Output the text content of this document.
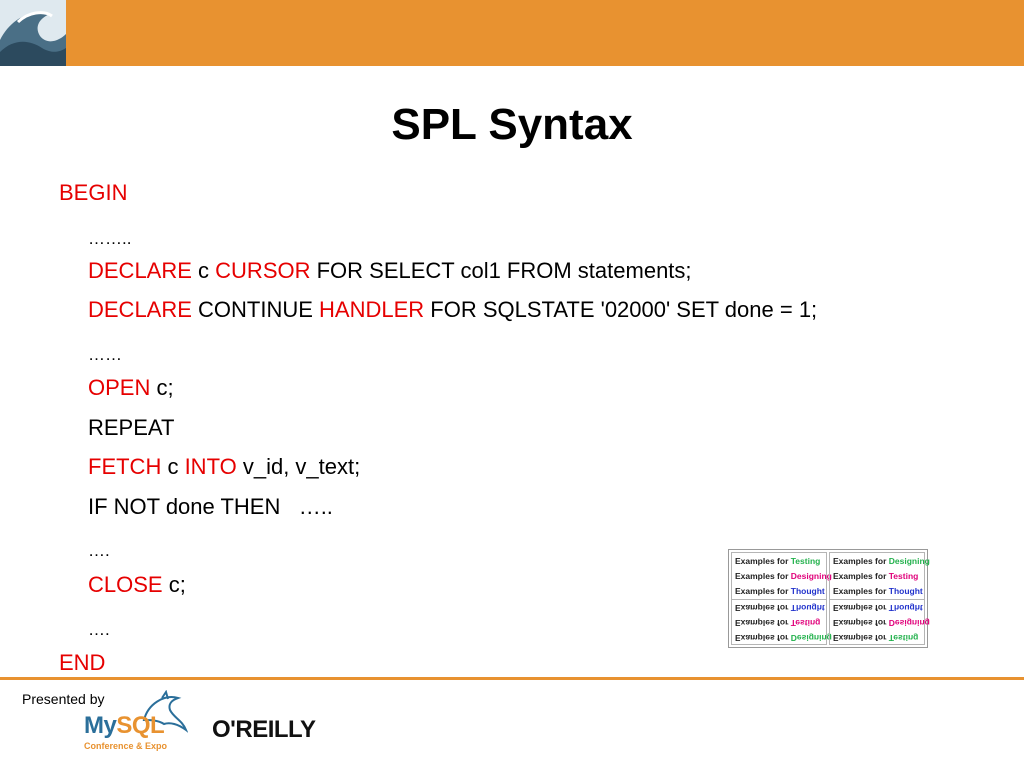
SPL Syntax
BEGIN
……..
DECLARE c CURSOR FOR SELECT col1 FROM statements;
DECLARE CONTINUE HANDLER FOR SQLSTATE '02000' SET done = 1;
……
OPEN c;
REPEAT
FETCH c INTO v_id, v_text;
IF NOT done THEN   …..
….
CLOSE c;
….
END
Examples for Testing
Examples for Designing
Examples for Thought
Examples for Thought
Examples for Testing
Examples for Designing
Examples for Designing
Examples for Testing
Examples for Thought
Examples for Thought
Examples for Designing
Examples for Testing
Presented by
MySQL
Conference & Expo
O'REILLY
